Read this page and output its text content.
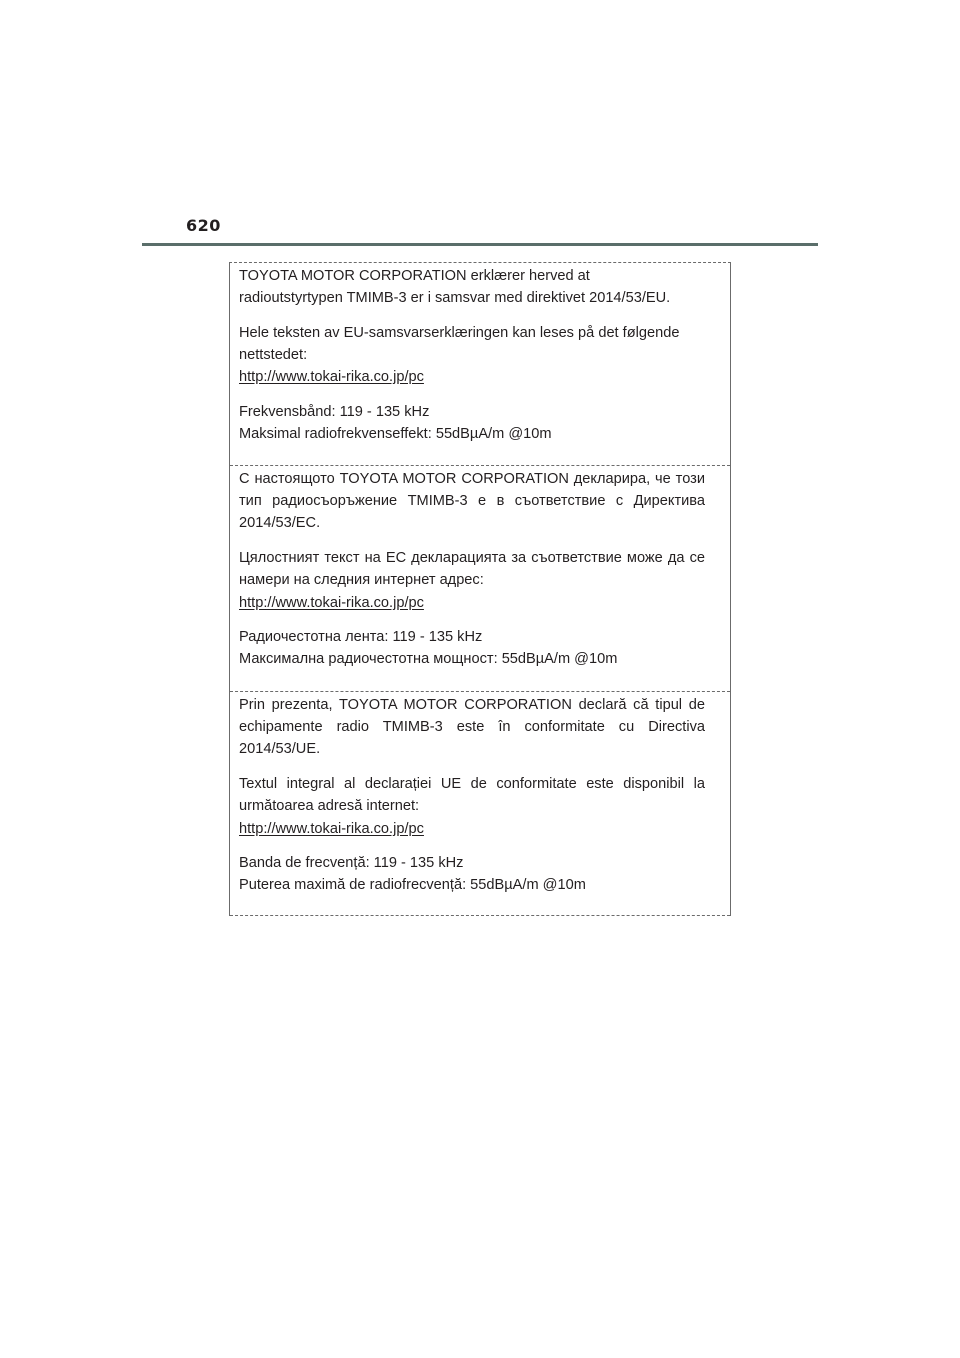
620

TOYOTA MOTOR CORPORATION erklærer herved at
radioutstyrtypen TMIMB-3 er i samsvar med direktivet 2014/53/EU.

Hele teksten av EU-samsvarserklæringen kan leses på det følgende
nettstedet:
http://www.tokai-rika.co.jp/pc

Frekvensbånd: 119 - 135 kHz
Maksimal radiofrekvenseffekt: 55dBµA/m @10m

С настоящото TOYOTA MOTOR CORPORATION декларира, че този тип радиосъоръжение TMIMB-3 е в съответствие с Директива 2014/53/ЕС.

Цялостният текст на ЕС декларацията за съответствие може да се намери на следния интернет адрес:
http://www.tokai-rika.co.jp/pc

Радиочестотна лента: 119 - 135 kHz
Максимална радиочестотна мощност: 55dBµA/m @10m

Prin prezenta, TOYOTA MOTOR CORPORATION declară că tipul de echipamente radio TMIMB-3 este în conformitate cu Directiva 2014/53/UE.

Textul integral al declarației UE de conformitate este disponibil la următoarea adresă internet:
http://www.tokai-rika.co.jp/pc

Banda de frecvență: 119 - 135 kHz
Puterea maximă de radiofrecvență: 55dBµA/m @10m
